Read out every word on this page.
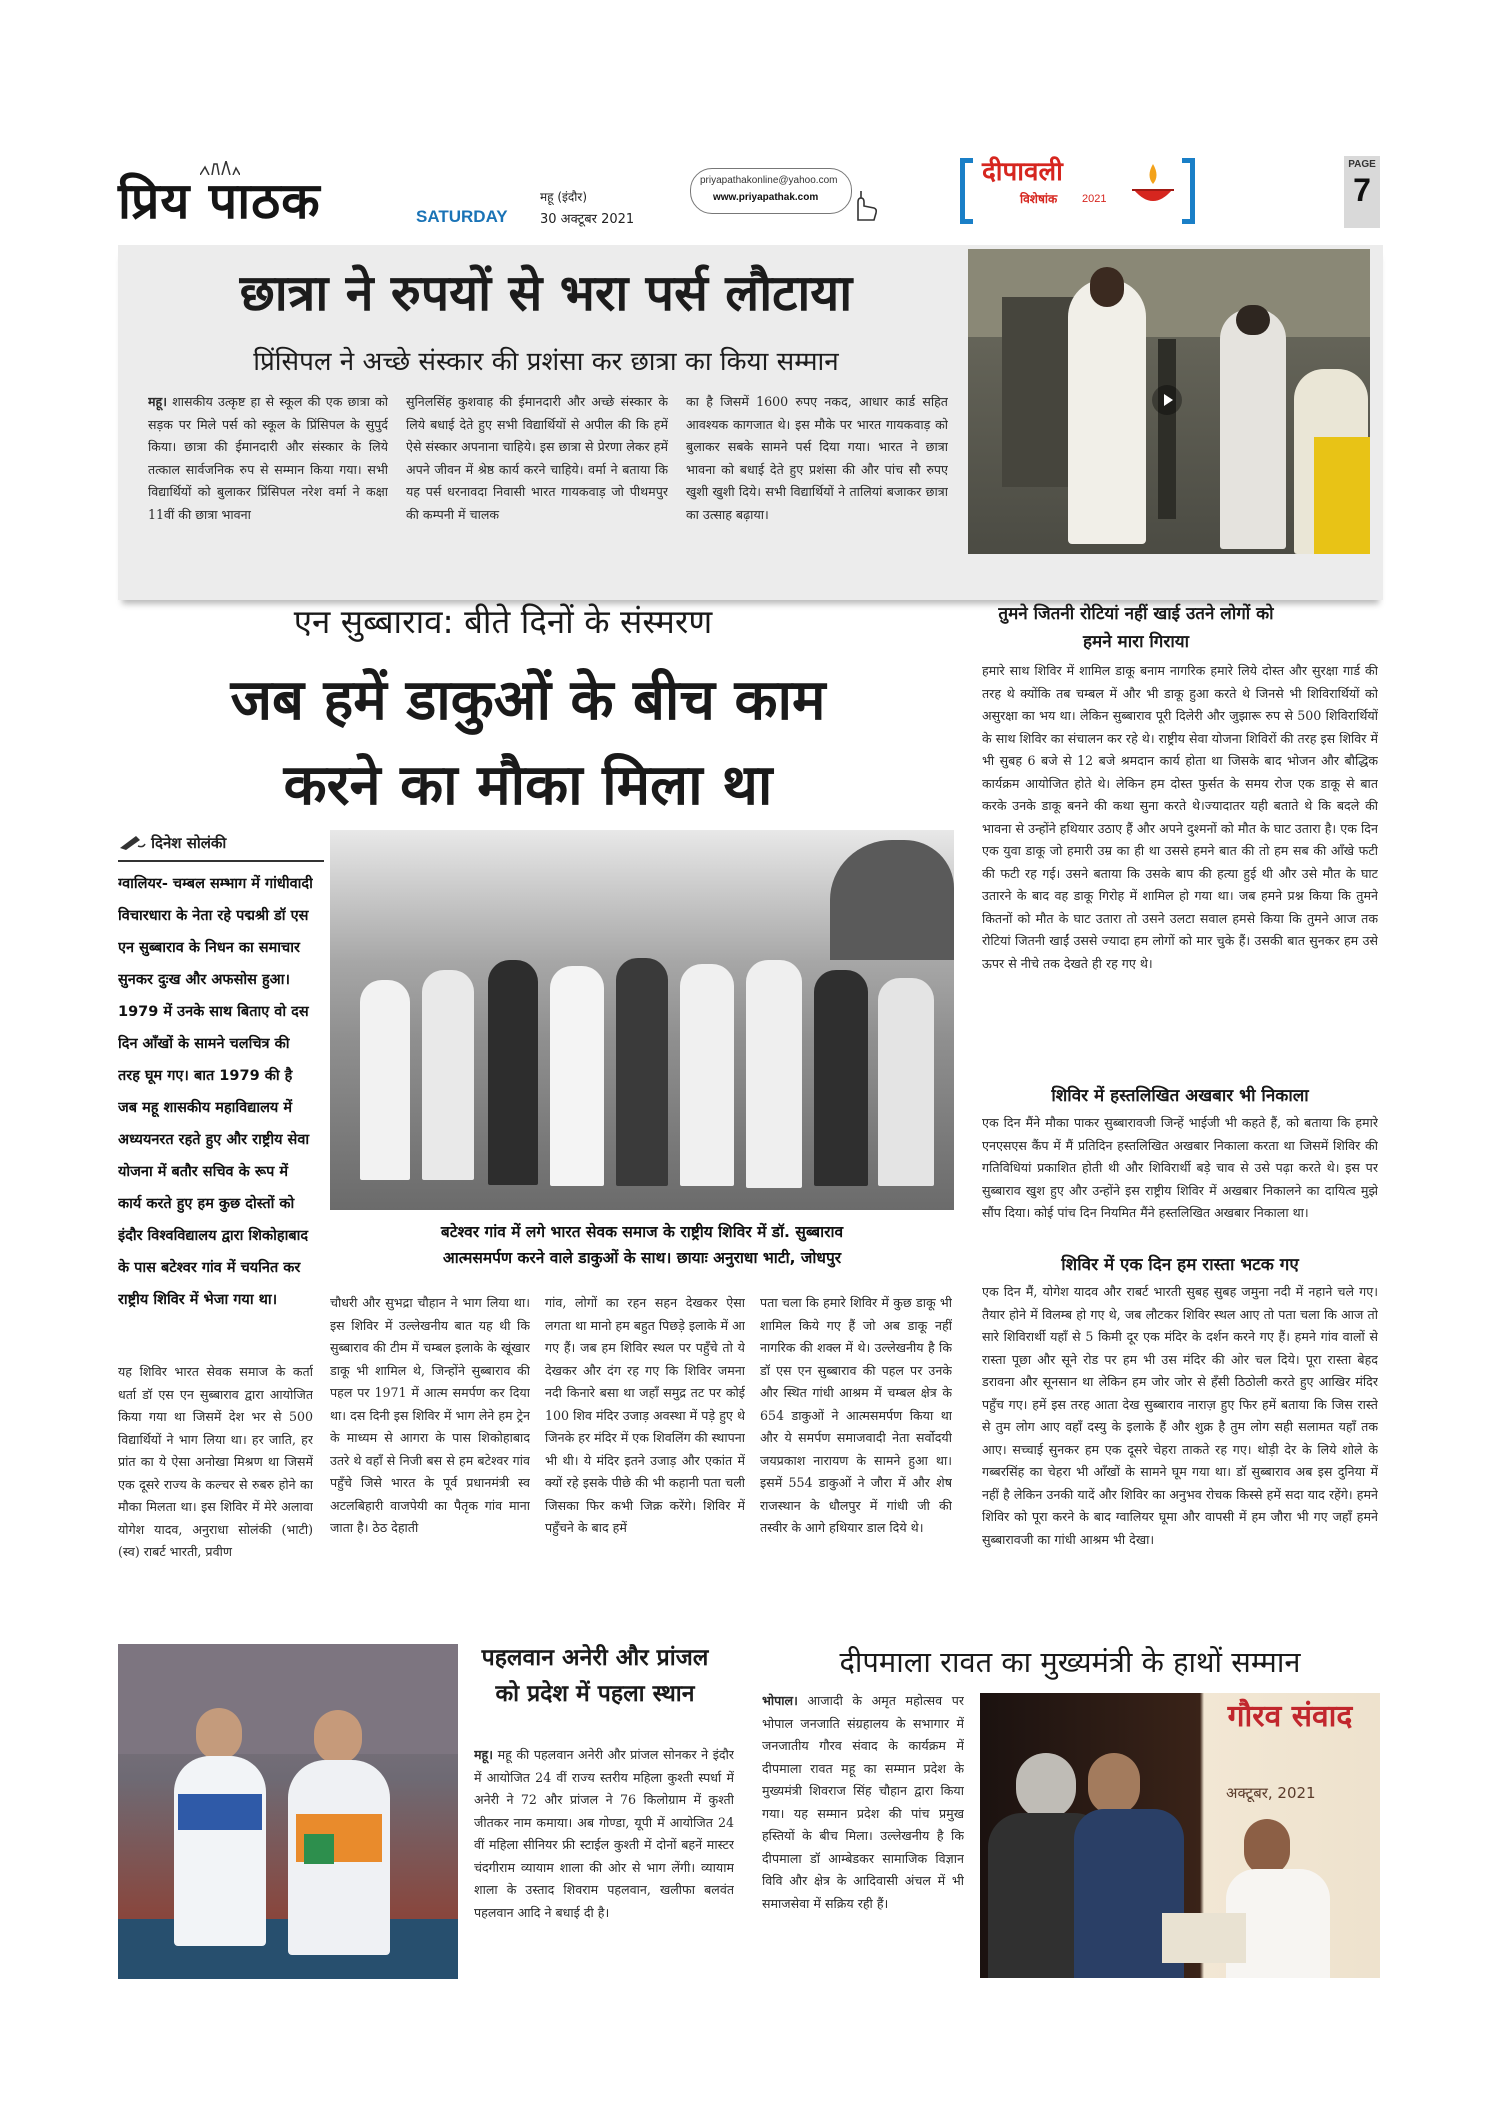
प्रिय पाठक	SATURDAY
महू (इंदौर)
30 अक्टूबर 2021
priyapathakonline@yahoo.com
www.priyapathak.com
दीपावली
विशेषांक 2021
PAGE
7
छात्रा ने रुपयों से भरा पर्स लौटाया
प्रिंसिपल ने अच्छे संस्कार की प्रशंसा कर छात्रा का किया सम्मान
महू। शासकीय उत्कृष्ट हा से स्कूल की एक छात्रा को सड़क पर मिले पर्स को स्कूल के प्रिंसिपल के सुपुर्द किया। छात्रा की ईमानदारी और संस्कार के लिये तत्काल सार्वजनिक रुप से सम्मान किया गया। सभी विद्यार्थियों को बुलाकर प्रिंसिपल नरेश वर्मा ने कक्षा 11वीं की छात्रा भावना
सुनिलसिंह कुशवाह की ईमानदारी और अच्छे संस्कार के लिये बधाई देते हुए सभी विद्यार्थियों से अपील की कि हमें ऐसे संस्कार अपनाना चाहिये। इस छात्रा से प्रेरणा लेकर हमें अपने जीवन में श्रेष्ठ कार्य करने चाहिये। वर्मा ने बताया कि यह पर्स धरनावदा निवासी भारत गायकवाड़ जो पीथमपुर की कम्पनी में चालक
का है जिसमें 1600 रुपए नकद, आधार कार्ड सहित आवश्यक कागजात थे। इस मौके पर भारत गायकवाड़ को बुलाकर सबके सामने पर्स दिया गया। भारत ने छात्रा भावना को बधाई देते हुए प्रशंसा की और पांच सौ रुपए खुशी खुशी दिये। सभी विद्यार्थियों ने तालियां बजाकर छात्रा का उत्साह बढ़ाया।
एन सुब्बाराव: बीते दिनों के संस्मरण
जब हमें डाकुओं के बीच काम
करने का मौका मिला था
दिनेश सोलंकी
ग्वालियर- चम्बल सम्भाग में गांधीवादी विचारधारा के नेता रहे पद्मश्री डॉ एस एन सुब्बाराव के निधन का समाचार सुनकर दुःख और अफसोस हुआ। 1979 में उनके साथ बिताए वो दस दिन आँखों के सामने चलचित्र की तरह घूम गए। बात 1979 की है जब महू शासकीय महाविद्यालय में अध्ययनरत रहते हुए और राष्ट्रीय सेवा योजना में बतौर सचिव के रूप में कार्य करते हुए हम कुछ दोस्तों को इंदौर विश्वविद्यालय द्वारा शिकोहाबाद के पास बटेश्वर गांव में चयनित कर राष्ट्रीय शिविर में भेजा गया था।
बटेश्वर गांव में लगे भारत सेवक समाज के राष्ट्रीय शिविर में डॉ. सुब्बाराव
आत्मसमर्पण करने वाले डाकुओं के साथ। छायाः अनुराधा भाटी, जोधपुर
यह शिविर भारत सेवक समाज के कर्ता धर्ता डॉ एस एन सुब्बाराव द्वारा आयोजित किया गया था जिसमें देश भर से 500 विद्यार्थियों ने भाग लिया था। हर जाति, हर प्रांत का ये ऐसा अनोखा मिश्रण था जिसमें एक दूसरे राज्य के कल्चर से रुबरु होने का मौका मिलता था। इस शिविर में मेरे अलावा योगेश यादव, अनुराधा सोलंकी (भाटी) (स्व) राबर्ट भारती, प्रवीण
चौधरी और सुभद्रा चौहान ने भाग लिया था। इस शिविर में उल्लेखनीय बात यह थी कि सुब्बाराव की टीम में चम्बल इलाके के खूंखार डाकू भी शामिल थे, जिन्होंने सुब्बाराव की पहल पर 1971 में आत्म समर्पण कर दिया था। दस दिनी इस शिविर में भाग लेने हम ट्रेन के माध्यम से आगरा के पास शिकोहाबाद उतरे थे वहाँ से निजी बस से हम बटेश्वर गांव पहुँचे जिसे भारत के पूर्व प्रधानमंत्री स्व अटलबिहारी वाजपेयी का पैतृक गांव माना जाता है। ठेठ देहाती
गांव, लोगों का रहन सहन देखकर ऐसा लगता था मानो हम बहुत पिछड़े इलाके में आ गए हैं। जब हम शिविर स्थल पर पहुँचे तो ये देखकर और दंग रह गए कि शिविर जमना नदी किनारे बसा था जहाँ समुद्र तट पर कोई 100 शिव मंदिर उजाड़ अवस्था में पड़े हुए थे जिनके हर मंदिर में एक शिवलिंग की स्थापना भी थी। ये मंदिर इतने उजाड़ और एकांत में क्यों रहे इसके पीछे की भी कहानी पता चली जिसका फिर कभी जिक्र करेंगे। शिविर में पहुँचने के बाद हमें
पता चला कि हमारे शिविर में कुछ डाकू भी शामिल किये गए हैं जो अब डाकू नहीं नागरिक की शक्ल में थे। उल्लेखनीय है कि डॉ एस एन सुब्बाराव की पहल पर उनके और स्थित गांधी आश्रम में चम्बल क्षेत्र के 654 डाकुओं ने आत्मसमर्पण किया था और ये समर्पण समाजवादी नेता सर्वोदयी जयप्रकाश नारायण के सामने हुआ था। इसमें 554 डाकुओं ने जौरा में और शेष राजस्थान के धौलपुर में गांधी जी की तस्वीर के आगे हथियार डाल दिये थे।
तुमने जितनी रोटियां नहीं खाई उतने लोगों को हमने मारा गिराया
हमारे साथ शिविर में शामिल डाकू बनाम नागरिक हमारे लिये दोस्त और सुरक्षा गार्ड की तरह थे क्योंकि तब चम्बल में और भी डाकू हुआ करते थे जिनसे भी शिविरार्थियों को असुरक्षा का भय था। लेकिन सुब्बाराव पूरी दिलेरी और जुझारू रुप से 500 शिविरार्थियों के साथ शिविर का संचालन कर रहे थे। राष्ट्रीय सेवा योजना शिविरों की तरह इस शिविर में भी सुबह 6 बजे से 12 बजे श्रमदान कार्य होता था जिसके बाद भोजन और बौद्धिक कार्यक्रम आयोजित होते थे। लेकिन हम दोस्त फुर्सत के समय रोज एक डाकू से बात करके उनके डाकू बनने की कथा सुना करते थे।ज्यादातर यही बताते थे कि बदले की भावना से उन्होंने हथियार उठाए हैं और अपने दुश्मनों को मौत के घाट उतारा है। एक दिन एक युवा डाकू जो हमारी उम्र का ही था उससे हमने बात की तो हम सब की आँखे फटी की फटी रह गई। उसने बताया कि उसके बाप की हत्या हुई थी और उसे मौत के घाट उतारने के बाद वह डाकू गिरोह में शामिल हो गया था। जब हमने प्रश्न किया कि तुमने कितनों को मौत के घाट उतारा तो उसने उलटा सवाल हमसे किया कि तुमने आज तक रोटियां जितनी खाईं उससे ज्यादा हम लोगों को मार चुके हैं। उसकी बात सुनकर हम उसे ऊपर से नीचे तक देखते ही रह गए थे।
शिविर में हस्तलिखित अखबार भी निकाला
एक दिन मैंने मौका पाकर सुब्बारावजी जिन्हें भाईजी भी कहते हैं, को बताया कि हमारे एनएसएस कैंप में मैं प्रतिदिन हस्तलिखित अखबार निकाला करता था जिसमें शिविर की गतिविधियां प्रकाशित होती थी और शिविरार्थी बड़े चाव से उसे पढ़ा करते थे। इस पर सुब्बाराव खुश हुए और उन्होंने इस राष्ट्रीय शिविर में अखबार निकालने का दायित्व मुझे सौंप दिया। कोई पांच दिन नियमित मैंने हस्तलिखित अखबार निकाला था।
शिविर में एक दिन हम रास्ता भटक गए
एक दिन मैं, योगेश यादव और राबर्ट भारती सुबह सुबह जमुना नदी में नहाने चले गए। तैयार होने में विलम्ब हो गए थे, जब लौटकर शिविर स्थल आए तो पता चला कि आज तो सारे शिविरार्थी यहाँ से 5 किमी दूर एक मंदिर के दर्शन करने गए हैं। हमने गांव वालों से रास्ता पूछा और सूने रोड पर हम भी उस मंदिर की ओर चल दिये। पूरा रास्ता बेहद डरावना और सूनसान था लेकिन हम जोर जोर से हँसी ठिठोली करते हुए आखिर मंदिर पहुँच गए। हमें इस तरह आता देख सुब्बाराव नाराज़ हुए फिर हमें बताया कि जिस रास्ते से तुम लोग आए वहाँ दस्यु के इलाके हैं और शुक्र है तुम लोग सही सलामत यहाँ तक आए। सच्चाई सुनकर हम एक दूसरे चेहरा ताकते रह गए। थोड़ी देर के लिये शोले के गब्बरसिंह का चेहरा भी आँखों के सामने घूम गया था। डॉ सुब्बाराव अब इस दुनिया में नहीं है लेकिन उनकी यादें और शिविर का अनुभव रोचक किस्से हमें सदा याद रहेंगे। हमने शिविर को पूरा करने के बाद ग्वालियर घूमा और वापसी में हम जौरा भी गए जहाँ हमने सुब्बारावजी का गांधी आश्रम भी देखा।
पहलवान अनेरी और प्रांजल को प्रदेश में पहला स्थान
महू। महू की पहलवान अनेरी और प्रांजल सोनकर ने इंदौर में आयोजित 24 वीं राज्य स्तरीय महिला कुश्ती स्पर्धा में अनेरी ने 72 और प्रांजल ने 76 किलोग्राम में कुश्ती जीतकर नाम कमाया। अब गोण्डा, यूपी में आयोजित 24 वीं महिला सीनियर फ्री स्टाईल कुश्ती में दोनों बहनें मास्टर चंदगीराम व्यायाम शाला की ओर से भाग लेंगी। व्यायाम शाला के उस्ताद शिवराम पहलवान, खलीफा बलवंत पहलवान आदि ने बधाई दी है।
दीपमाला रावत का मुख्यमंत्री के हाथों सम्मान
भोपाल। आजादी के अमृत महोत्सव पर भोपाल जनजाति संग्रहालय के सभागार में जनजातीय गौरव संवाद के कार्यक्रम में दीपमाला रावत महू का सम्मान प्रदेश के मुख्यमंत्री शिवराज सिंह चौहान द्वारा किया गया। यह सम्मान प्रदेश की पांच प्रमुख हस्तियों के बीच मिला। उल्लेखनीय है कि दीपमाला डॉ आम्बेडकर सामाजिक विज्ञान विवि और क्षेत्र के आदिवासी अंचल में भी समाजसेवा में सक्रिय रही हैं।
गौरव संवाद
अक्टूबर, 2021
